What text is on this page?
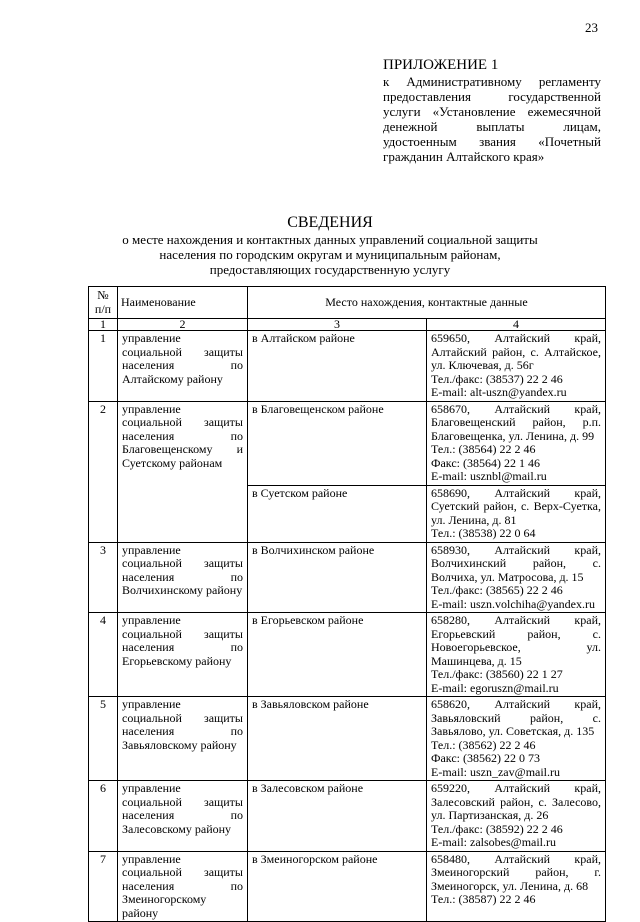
23
ПРИЛОЖЕНИЕ 1
к Административному регламенту предоставления государственной услуги «Установление ежемесячной денежной выплаты лицам, удостоенным звания «Почетный гражданин Алтайского края»
СВЕДЕНИЯ
о месте нахождения и контактных данных управлений социальной защиты населения по городским округам и муниципальным районам, предоставляющих государственную услугу
№ п/п	Наименование	Место нахождения, контактные данные	
1	2	3	4
1	управление социальной защиты населения по Алтайскому району	в Алтайском районе	659650, Алтайский край, Алтайский район, с. Алтайское, ул. Ключевая, д. 56г
Тел./факс: (38537) 22 2 46
E-mail: alt-uszn@yandex.ru

2	управление социальной защиты населения по Благовещенскому и Суетскому районам	в Благовещенском районе	658670, Алтайский край, Благовещенский район, р.п. Благовещенка, ул. Ленина, д. 99
Тел.: (38564) 22 2 46
Факс: (38564) 22 1 46
E-mail: usznbl@mail.ru

		в Суетском районе	658690, Алтайский край, Суетский район, с. Верх-Суетка, ул. Ленина, д. 81
Тел.: (38538) 22 0 64

3	управление социальной защиты населения по Волчихинскому району	в Волчихинском районе	658930, Алтайский край, Волчихинский район, с. Волчиха, ул. Матросова, д. 15
Тел./факс: (38565) 22 2 46
E-mail: uszn.volchiha@yandex.ru

4	управление социальной защиты населения по Егорьевскому району	в Егорьевском районе	658280, Алтайский край, Егорьевский район, с. Новоегорьевское, ул. Машинцева, д. 15
Тел./факс: (38560) 22 1 27
E-mail: egoruszn@mail.ru

5	управление социальной защиты населения по Завьяловскому району	в Завьяловском районе	658620, Алтайский край, Завьяловский район, с. Завьялово, ул. Советская, д. 135
Тел.: (38562) 22 2 46
Факс: (38562) 22 0 73
E-mail: uszn_zav@mail.ru

6	управление социальной защиты населения по Залесовскому району	в Залесовском районе	659220, Алтайский край, Залесовский район, с. Залесово, ул. Партизанская, д. 26
Тел./факс: (38592) 22 2 46
E-mail: zalsobes@mail.ru

7	управление социальной защиты населения по Змеиногорскому району	в Змеиногорском районе	658480, Алтайский край, Змеиногорский район, г. Змеиногорск, ул. Ленина, д. 68
Тел.: (38587) 22 2 46
